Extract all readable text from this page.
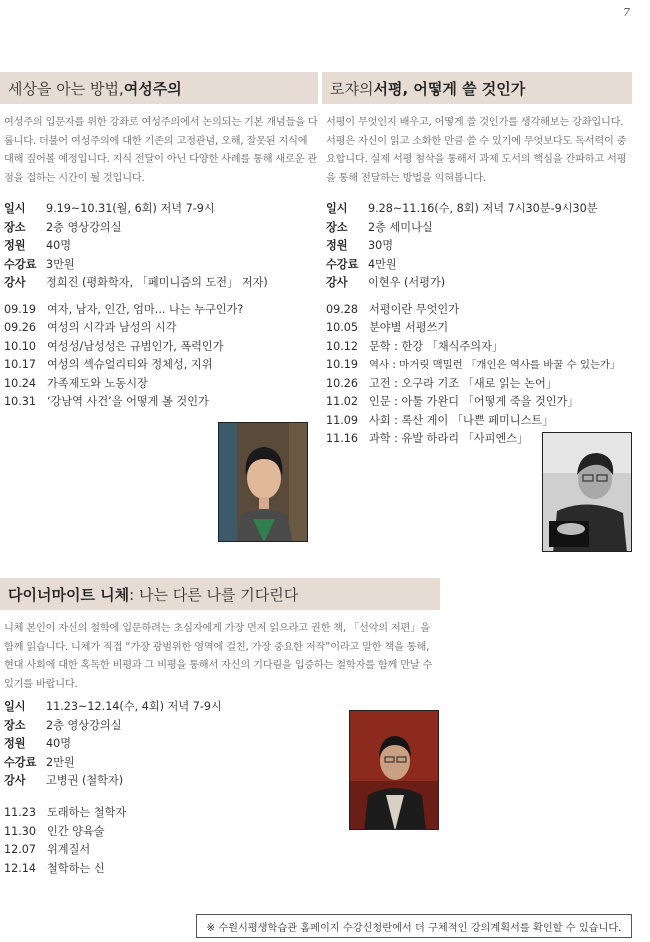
7
세상을 아는 방법, 여성주의

여성주의 입문자를 위한 강좌로 여성주의에서 논의되는 기본 개념들을 다룹니다. 더불어 여성주의에 대한 기존의 고정관념, 오해, 잘못된 지식에 대해 짚어볼 예정입니다. 지식 전달이 아닌 다양한 사례를 통해 새로운 관점을 접하는 시간이 될 것입니다.

일시	9.19~10.31(월, 6회) 저녁 7-9시
장소	2층 영상강의실
정원	40명
수강료 3만원
강사	정희진 (평화학자, 「페미니즘의 도전」 저자)
09.19 여자, 남자, 인간, 엄마... 나는 누구인가?
09.26 여성의 시각과 남성의 시각
10.10 여성성/남성성은 규범인가, 폭력인가
10.17 여성의 섹슈얼리티와 정체성, 지위
10.24 가족제도와 노동시장
10.31 ‘강남역 사건’을 어떻게 볼 것인가
로쟈의 서평, 어떻게 쓸 것인가

서평이 무엇인지 배우고, 어떻게 쓸 것인가를 생각해보는 강좌입니다. 서평은 자신이 읽고 소화한 만큼 쓸 수 있기에 무엇보다도 독서력이 중요합니다. 실제 서평 첨삭을 통해서 과제 도서의 핵심을 간파하고 서평을 통해 전달하는 방법을 익혀봅니다.

일시	9.28~11.16(수, 8회) 저녁 7시30분-9시30분
장소	2층 세미나실
정원	30명
수강료 4만원
강사	이현우 (서평가)
09.28 서평이란 무엇인가
10.05 분야별 서평쓰기
10.12 문학 : 한강 「채식주의자」
10.19	역사 : 마거릿 맥밀런 「개인은 역사를 바꿀 수 있는가」
10.26 고전 : 오구라 기조 「새로 읽는 논어」
11.02 인문 : 아툴 가완디 「어떻게 죽을 것인가」
11.09 사회 : 록산 게이 「나쁜 페미니스트」
11.16 과학 : 유발 하라리 「사피엔스」
다이너마이트 니체 : 나는 다른 나를 기다린다

니체 본인이 자신의 철학에 입문하려는 초심자에게 가장 먼저 읽으라고 권한 책, 「선악의 저편」을 함께 읽습니다. 니체가 직접 “가장 광범위한 영역에 걸친, 가장 중요한 저작”이라고 말한 책을 통해, 현대 사회에 대한 혹독한 비평과 그 비평을 통해서 자신의 기다림을 입증하는 철학자를 함께 만날 수 있기를 바랍니다.

일시	11.23~12.14(수, 4회) 저녁 7-9시
장소	2층 영상강의실
정원	40명
수강료 2만원
강사	고병권 (철학자)
11.23 도래하는 철학자
11.30 인간 양육술
12.07 위계질서
12.14 철학하는 신
※ 수원시평생학습관 홈페이지 수강신청란에서 더 구체적인 강의계획서를 확인할 수 있습니다.
